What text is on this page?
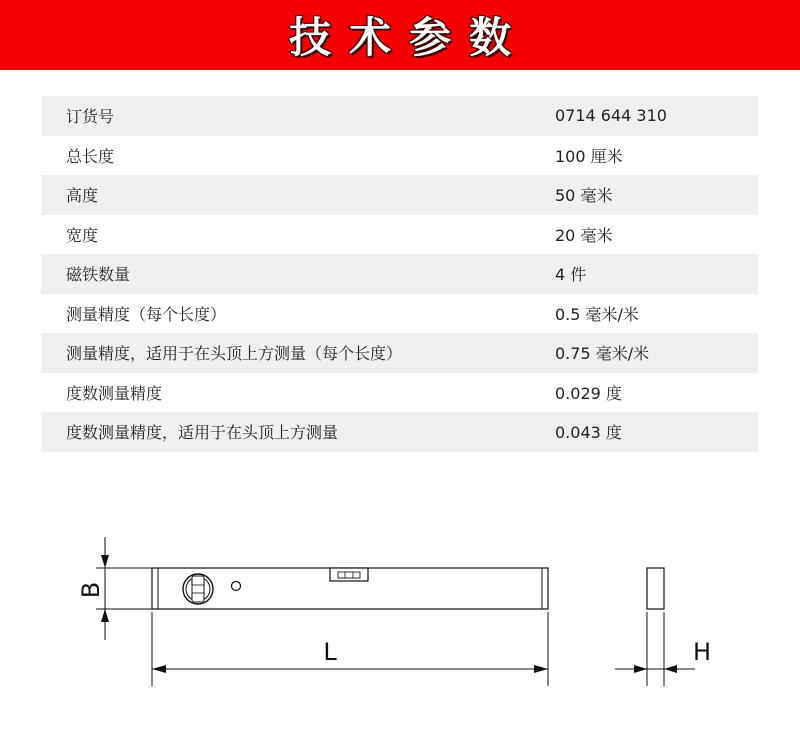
技术参数
订货号	0714 644 310
总长度	100 厘米
高度	50 毫米
宽度	20 毫米
磁铁数量	4 件
测量精度（每个长度）	0.5 毫米/米
测量精度，适用于在头顶上方测量（每个长度）	0.75 毫米/米
度数测量精度	0.029 度
度数测量精度，适用于在头顶上方测量	0.043 度
B
L	H
